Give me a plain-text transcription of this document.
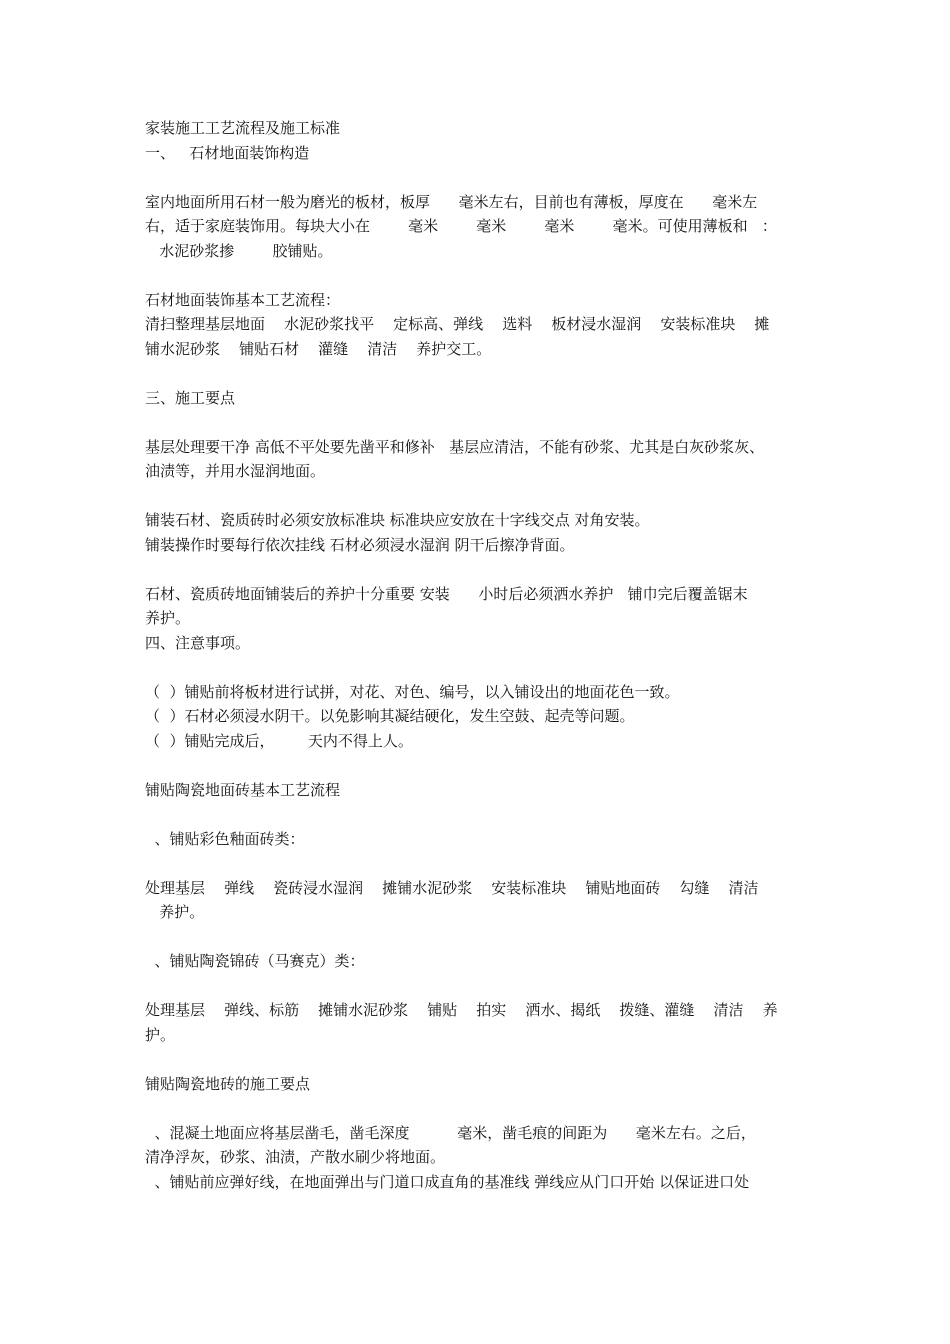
家装施工工艺流程及施工标准
一、   石材地面装饰构造
室内地面所用石材一般为磨光的板材，板厚      毫米左右，目前也有薄板，厚度在      毫米左
右，适于家庭装饰用。每块大小在        毫米        毫米        毫米        毫米。可使用薄板和   ：
水泥砂浆掺        胶铺贴。
石材地面装饰基本工艺流程：
清扫整理基层地面    水泥砂浆找平    定标高、弹线    选料    板材浸水湿润    安装标准块    摊
铺水泥砂浆    铺贴石材    灌缝    清洁    养护交工。
三、施工要点
基层处理要干净 高低不平处要先凿平和修补   基层应清洁，不能有砂浆、尤其是白灰砂浆灰、
油渍等，并用水湿润地面。
铺装石材、瓷质砖时必须安放标准块 标准块应安放在十字线交点 对角安装。
铺装操作时要每行依次挂线 石材必须浸水湿润 阴干后擦净背面。
石材、瓷质砖地面铺装后的养护十分重要 安装      小时后必须洒水养护   铺巾完后覆盖锯末
养护。
四、注意事项。
（  ）铺贴前将板材进行试拼，对花、对色、编号，以入铺设出的地面花色一致。
（  ）石材必须浸水阴干。以免影响其凝结硬化，发生空鼓、起壳等问题。
（  ）铺贴完成后，       天内不得上人。
铺贴陶瓷地面砖基本工艺流程
、铺贴彩色釉面砖类：
处理基层    弹线    瓷砖浸水湿润    摊铺水泥砂浆    安装标准块    铺贴地面砖    勾缝    清洁
养护。
、铺贴陶瓷锦砖（马赛克）类：
处理基层    弹线、标筋    摊铺水泥砂浆    铺贴    拍实    洒水、揭纸    拨缝、灌缝    清洁    养
护。
铺贴陶瓷地砖的施工要点
、混凝土地面应将基层凿毛，凿毛深度          毫米，凿毛痕的间距为      毫米左右。之后，
清净浮灰，砂浆、油渍，产散水刷少将地面。
、铺贴前应弹好线，在地面弹出与门道口成直角的基准线 弹线应从门口开始 以保证进口处
